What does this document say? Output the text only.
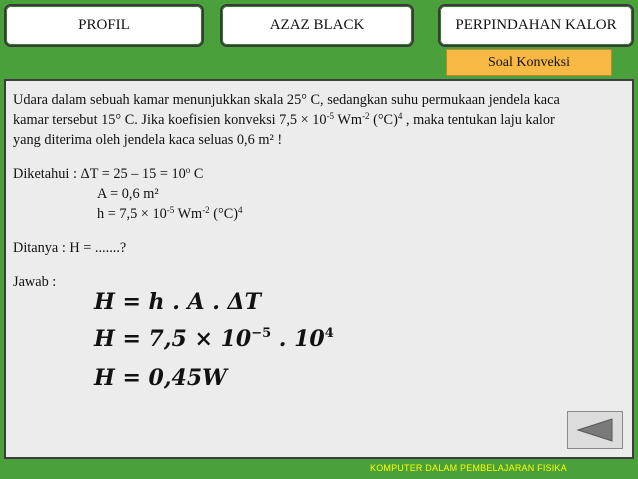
PROFIL	AZAZ BLACK	PERPINDAHAN KALOR
Soal Konveksi

Udara dalam sebuah kamar menunjukkan skala 25° C, sedangkan suhu permukaan jendela kaca

kamar tersebut 15° C. Jika koefisien konveksi $7,5 \times 10^{-5}$ $Wm^{-2}$ $(^\circ C)^4$ , maka tentukan laju kalor

yang diterima oleh jendela kaca seluas 0,6 m² !

Diketahui : $\Delta T = 25 - 15 = 10^o$ C

A = 0,6 m²

$h = 7,5 \times 10^{-5}$ $Wm^{-2}$ $(^\circ C)^4$

Ditanya : H = .......?

Jawab :

H = h . A . ΔT
$H = 7,5 \times 10^{-5}$ . $10^4$
H = 0,45W
KOMPUTER DALAM PEMBELAJARAN FISIKA
